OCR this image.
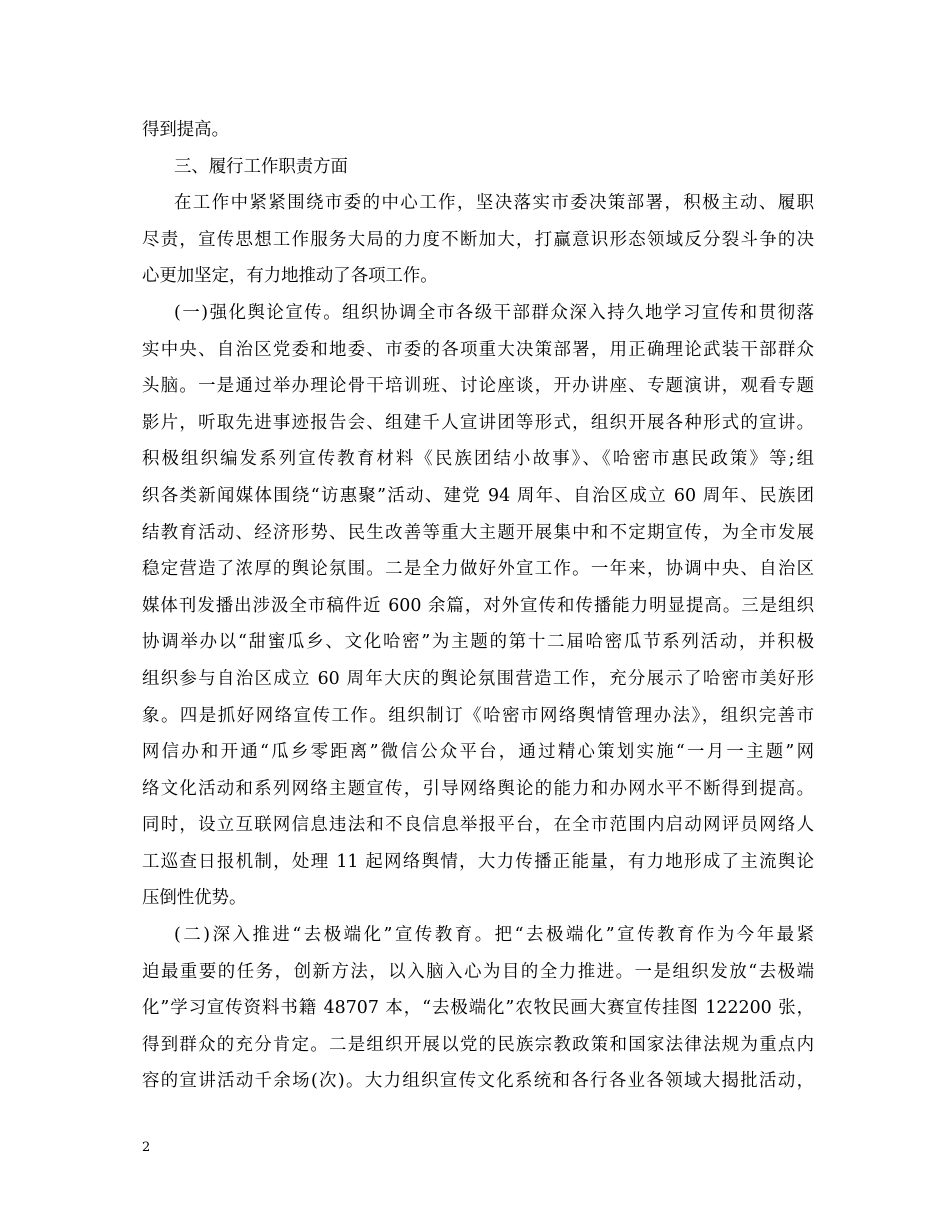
得到提高。
三、履行工作职责方面
在工作中紧紧围绕市委的中心工作，坚决落实市委决策部署，积极主动、履职
尽责，宣传思想工作服务大局的力度不断加大，打赢意识形态领域反分裂斗争的决
心更加坚定，有力地推动了各项工作。
(一)强化舆论宣传。组织协调全市各级干部群众深入持久地学习宣传和贯彻落
实中央、自治区党委和地委、市委的各项重大决策部署，用正确理论武装干部群众
头脑。一是通过举办理论骨干培训班、讨论座谈，开办讲座、专题演讲，观看专题
影片，听取先进事迹报告会、组建千人宣讲团等形式，组织开展各种形式的宣讲。
积极组织编发系列宣传教育材料《民族团结小故事》、《哈密市惠民政策》等;组
织各类新闻媒体围绕“访惠聚”活动、建党 94 周年、自治区成立 60 周年、民族团
结教育活动、经济形势、民生改善等重大主题开展集中和不定期宣传，为全市发展
稳定营造了浓厚的舆论氛围。二是全力做好外宣工作。一年来，协调中央、自治区
媒体刊发播出涉汲全市稿件近 600 余篇，对外宣传和传播能力明显提高。三是组织
协调举办以“甜蜜瓜乡、文化哈密”为主题的第十二届哈密瓜节系列活动，并积极
组织参与自治区成立 60 周年大庆的舆论氛围营造工作，充分展示了哈密市美好形
象。四是抓好网络宣传工作。组织制订《哈密市网络舆情管理办法》，组织完善市
网信办和开通“瓜乡零距离”微信公众平台，通过精心策划实施“一月一主题”网
络文化活动和系列网络主题宣传，引导网络舆论的能力和办网水平不断得到提高。
同时，设立互联网信息违法和不良信息举报平台，在全市范围内启动网评员网络人
工巡查日报机制，处理 11 起网络舆情，大力传播正能量，有力地形成了主流舆论
压倒性优势。
(二)深入推进“去极端化”宣传教育。把“去极端化”宣传教育作为今年最紧
迫最重要的任务，创新方法，以入脑入心为目的全力推进。一是组织发放“去极端
化”学习宣传资料书籍 48707 本，“去极端化”农牧民画大赛宣传挂图 122200 张，
得到群众的充分肯定。二是组织开展以党的民族宗教政策和国家法律法规为重点内
容的宣讲活动千余场(次)。大力组织宣传文化系统和各行各业各领域大揭批活动，
2
